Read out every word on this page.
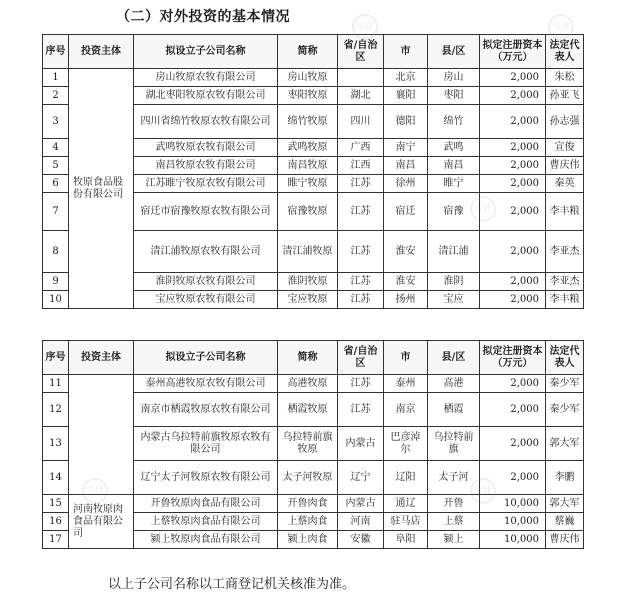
（二）对外投资的基本情况
序号	投资主体	拟设立子公司名称	简称	省/自治区	市	县/区	拟定注册资本（万元）	法定代表人
1	牧原食品股份有限公司	房山牧原农牧有限公司	房山牧原		北京	房山	2,000	朱松
2		湖北枣阳牧原农牧有限公司	枣阳牧原	湖北	襄阳	枣阳	2,000	孙亚飞
3		四川省绵竹牧原农牧有限公司	绵竹牧原	四川	德阳	绵竹	2,000	孙志强
4		武鸣牧原农牧有限公司	武鸣牧原	广西	南宁	武鸣	2,000	宣俊
5		南昌牧原农牧有限公司	南昌牧原	江西	南昌	南昌	2,000	曹庆伟
6		江苏睢宁牧原农牧有限公司	睢宁牧原	江苏	徐州	睢宁	2,000	秦英
7		宿迁市宿豫牧原农牧有限公司	宿豫牧原	江苏	宿迁	宿豫	2,000	李丰粮
8		清江浦牧原农牧有限公司	清江浦牧原	江苏	淮安	清江浦	2,000	李亚杰
9		淮阴牧原农牧有限公司	淮阴牧原	江苏	淮安	淮阴	2,000	李亚杰
10		宝应牧原农牧有限公司	宝应牧原	江苏	扬州	宝应	2,000	李丰粮
序号	投资主体	拟设立子公司名称	简称	省/自治区	市	县/区	拟定注册资本（万元）	法定代表人
11		泰州高港牧原农牧有限公司	高港牧原	江苏	泰州	高港	2,000	秦少军
12		南京市栖霞牧原农牧有限公司	栖霞牧原	江苏	南京	栖霞	2,000	秦少军
13		内蒙古乌拉特前旗牧原农牧有限公司	乌拉特前旗牧原	内蒙古	巴彦淖尔	乌拉特前旗	2,000	郭大军
14		辽宁太子河牧原农牧有限公司	太子河牧原	辽宁	辽阳	太子河	2,000	李鹏
15	河南牧原肉食品有限公司	开鲁牧原肉食品有限公司	开鲁肉食	内蒙古	通辽	开鲁	10,000	郭大军
16		上蔡牧原肉食品有限公司	上蔡肉食	河南	驻马店	上蔡	10,000	蔡巍
17		颍上牧原肉食品有限公司	颍上肉食	安徽	阜阳	颍上	10,000	曹庆伟
以上子公司名称以工商登记机关核准为准。
雪球	雪球
雪球
雪球
雪球
